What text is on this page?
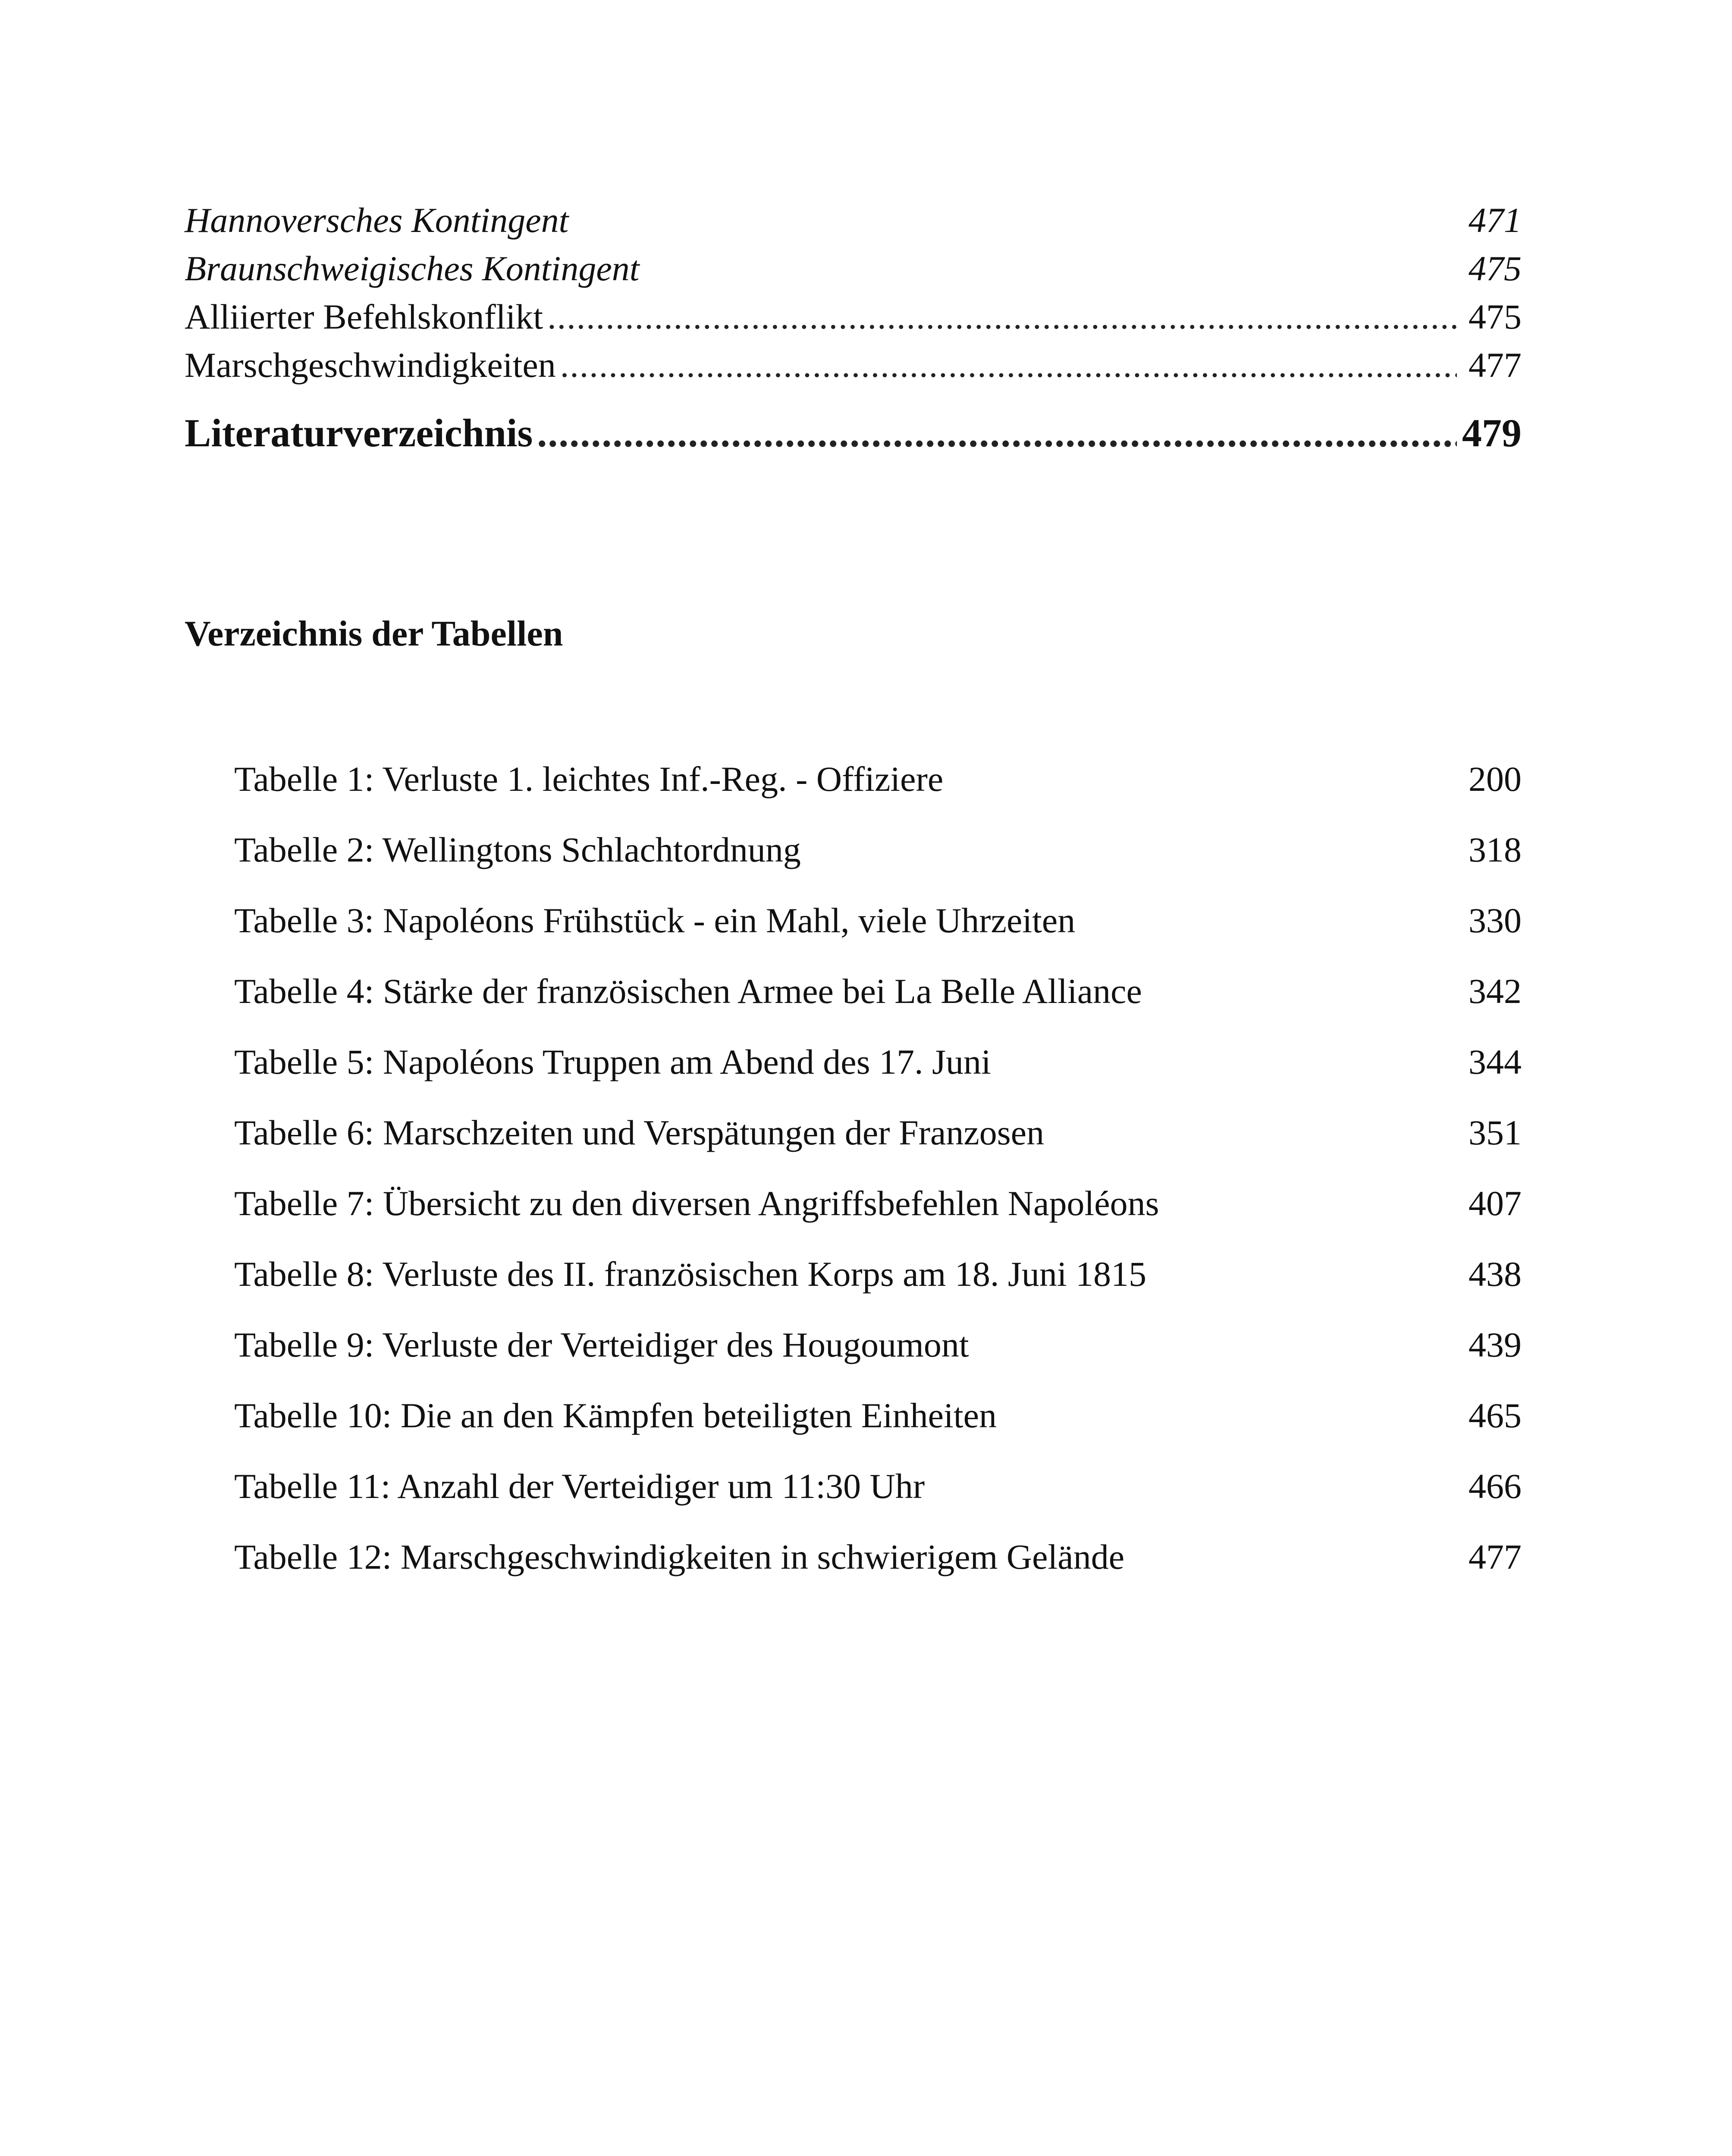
Hannoversches Kontingent	471
Braunschweigisches Kontingent	475
Alliierter Befehlskonflikt .....	475
Marschgeschwindigkeiten .....	477
Literaturverzeichnis .....	479
Verzeichnis der Tabellen
Tabelle 1: Verluste 1. leichtes Inf.-Reg. - Offiziere	200
Tabelle 2: Wellingtons Schlachtordnung	318
Tabelle 3: Napoléons Frühstück - ein Mahl, viele Uhrzeiten	330
Tabelle 4: Stärke der französischen Armee bei La Belle Alliance	342
Tabelle 5: Napoléons Truppen am Abend des 17. Juni	344
Tabelle 6: Marschzeiten und Verspätungen der Franzosen	351
Tabelle 7: Übersicht zu den diversen Angriffsbefehlen Napoléons	407
Tabelle 8: Verluste des II. französischen Korps am 18. Juni 1815	438
Tabelle 9: Verluste der Verteidiger des Hougoumont	439
Tabelle 10: Die an den Kämpfen beteiligten Einheiten	465
Tabelle 11: Anzahl der Verteidiger um 11:30 Uhr	466
Tabelle 12: Marschgeschwindigkeiten in schwierigem Gelände	477
